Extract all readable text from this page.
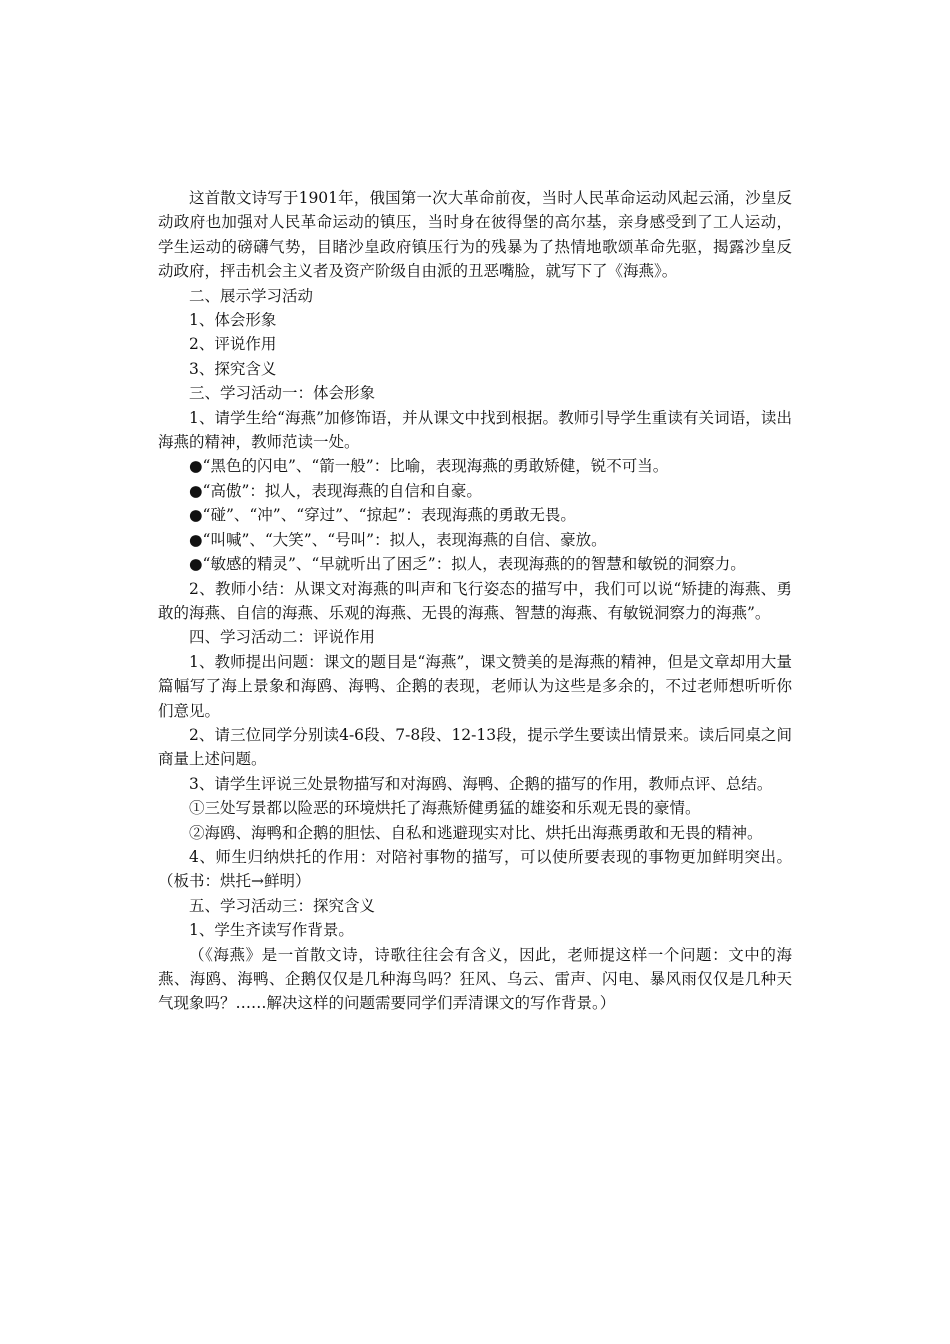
这首散文诗写于1901年，俄国第一次大革命前夜，当时人民革命运动风起云涌，沙皇反动政府也加强对人民革命运动的镇压，当时身在彼得堡的高尔基，亲身感受到了工人运动，学生运动的磅礴气势，目睹沙皇政府镇压行为的残暴为了热情地歌颂革命先驱，揭露沙皇反动政府，抨击机会主义者及资产阶级自由派的丑恶嘴脸，就写下了《海燕》。

二、展示学习活动

1、体会形象

2、评说作用

3、探究含义

三、学习活动一：体会形象

1、请学生给“海燕”加修饰语，并从课文中找到根据。教师引导学生重读有关词语，读出海燕的精神，教师范读一处。

●“黑色的闪电”、“箭一般”：比喻，表现海燕的勇敢矫健，锐不可当。

●“高傲”：拟人，表现海燕的自信和自豪。

●“碰”、“冲”、“穿过”、“掠起”：表现海燕的勇敢无畏。

●“叫喊”、“大笑”、“号叫”：拟人，表现海燕的自信、豪放。

●“敏感的精灵”、“早就听出了困乏”：拟人，表现海燕的的智慧和敏锐的洞察力。

2、教师小结：从课文对海燕的叫声和飞行姿态的描写中，我们可以说“矫捷的海燕、勇敢的海燕、自信的海燕、乐观的海燕、无畏的海燕、智慧的海燕、有敏锐洞察力的海燕”。

四、学习活动二：评说作用

1、教师提出问题：课文的题目是“海燕”，课文赞美的是海燕的精神，但是文章却用大量篇幅写了海上景象和海鸥、海鸭、企鹅的表现，老师认为这些是多余的，不过老师想听听你们意见。

2、请三位同学分别读4-6段、7-8段、12-13段，提示学生要读出情景来。读后同桌之间商量上述问题。

3、请学生评说三处景物描写和对海鸥、海鸭、企鹅的描写的作用，教师点评、总结。

①三处写景都以险恶的环境烘托了海燕矫健勇猛的雄姿和乐观无畏的豪情。

②海鸥、海鸭和企鹅的胆怯、自私和逃避现实对比、烘托出海燕勇敢和无畏的精神。

4、师生归纳烘托的作用：对陪衬事物的描写，可以使所要表现的事物更加鲜明突出。（板书：烘托→鲜明）

五、学习活动三：探究含义

1、学生齐读写作背景。

（《海燕》是一首散文诗，诗歌往往会有含义，因此，老师提这样一个问题：文中的海燕、海鸥、海鸭、企鹅仅仅是几种海鸟吗？狂风、乌云、雷声、闪电、暴风雨仅仅是几种天气现象吗？……解决这样的问题需要同学们弄清课文的写作背景。）
